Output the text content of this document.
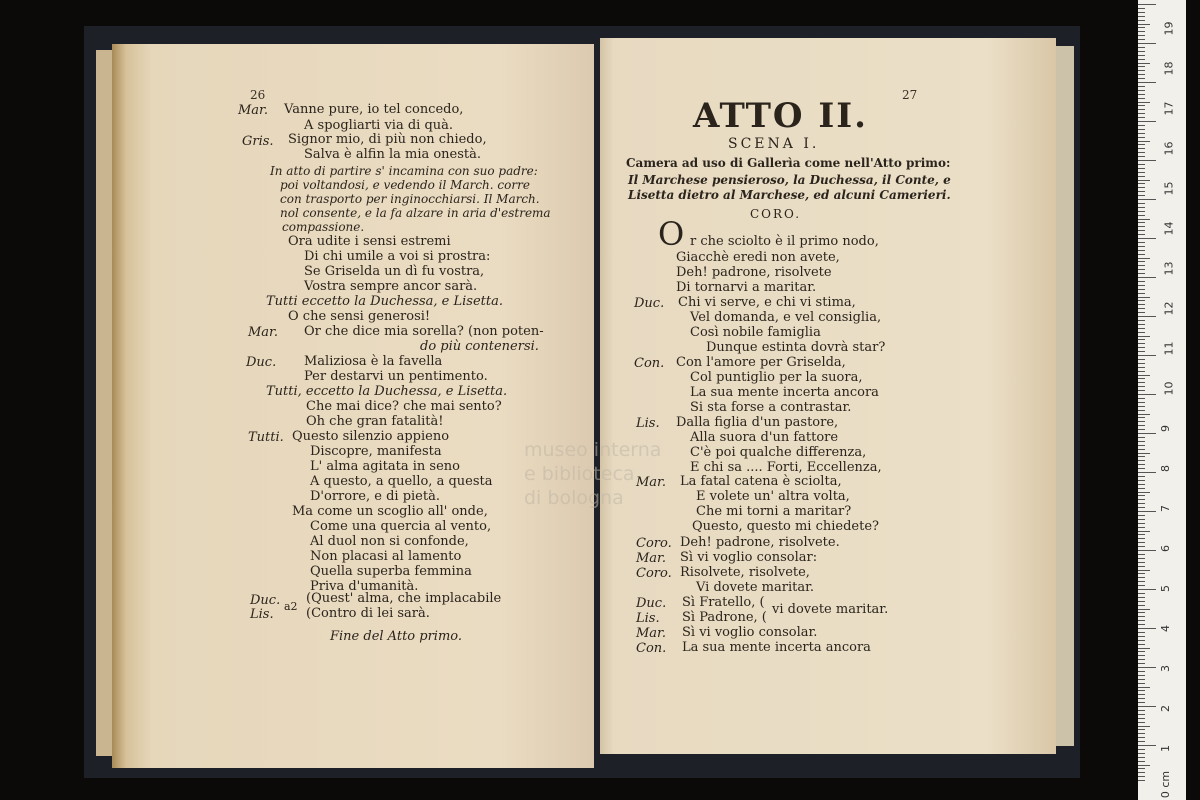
26
Mar. Vanne pure, io tel concedo,
A spogliarti via di quà.
Gris. Signor mio, di più non chiedo,
Salva è alfin la mia onestà.
In atto di partire s' incamina con suo padre:
poi voltandosi, e vedendo il March. corre
con trasporto per inginocchiarsi. Il March.
nol consente, e la fa alzare in aria d'estrema
compassione.
Ora udite i sensi estremi
Di chi umile a voi si prostra:
Se Griselda un dì fu vostra,
Vostra sempre ancor sarà.
Tutti eccetto la Duchessa, e Lisetta.
O che sensi generosi!
Mar. Or che dice mia sorella? (non poten-
do più contenersi.
Duc. Maliziosa è la favella
Per destarvi un pentimento.
Tutti, eccetto la Duchessa, e Lisetta.
Che mai dice? che mai sento?
Oh che gran fatalità!
Tutti. Questo silenzio appieno
Discopre, manifesta
L' alma agitata in seno
A questo, a quello, a questa
D'orrore, e di pietà.
Ma come un scoglio all' onde,
Come una quercia al vento,
Al duol non si confonde,
Non placasi al lamento
Quella superba femmina
Priva d'umanità.
Duc.
Lis.
a2
(Quest' alma, che implacabile
(Contro di lei sarà.
Fine del Atto primo.
27
ATTO II.
SCENA I.
Camera ad uso di Gallerìa come nell'Atto primo:
Il Marchese pensieroso, la Duchessa, il Conte, e
Lisetta dietro al Marchese, ed alcuni Camerieri.
CORO.
O r che sciolto è il primo nodo,
Giacchè eredi non avete,
Deh! padrone, risolvete
Di tornarvi a maritar.
Duc. Chi vi serve, e chi vi stima,
Vel domanda, e vel consiglia,
Così nobile famiglia
Dunque estinta dovrà star?
Con. Con l'amore per Griselda,
Col puntiglio per la suora,
La sua mente incerta ancora
Si sta forse a contrastar.
Lis. Dalla figlia d'un pastore,
Alla suora d'un fattore
C'è poi qualche differenza,
E chi sa .... Forti, Eccellenza,
Mar. La fatal catena è sciolta,
E volete un' altra volta,
Che mi torni a maritar?
Questo, questo mi chiedete?
Coro. Deh! padrone, risolvete.
Mar. Sì vi voglio consolar:
Coro. Risolvete, risolvete,
Vi dovete maritar.
Duc. Sì Fratello, (
Lis. Sì Padrone, (
vi dovete maritar.
Mar. Sì vi voglio consolar.
Con. La sua mente incerta ancora
museo interna
e biblioteca
di bologna
19
18
17
16
15
14
13
12
11
10
9
8
7
6
5
4
3
2
1
0 cm
